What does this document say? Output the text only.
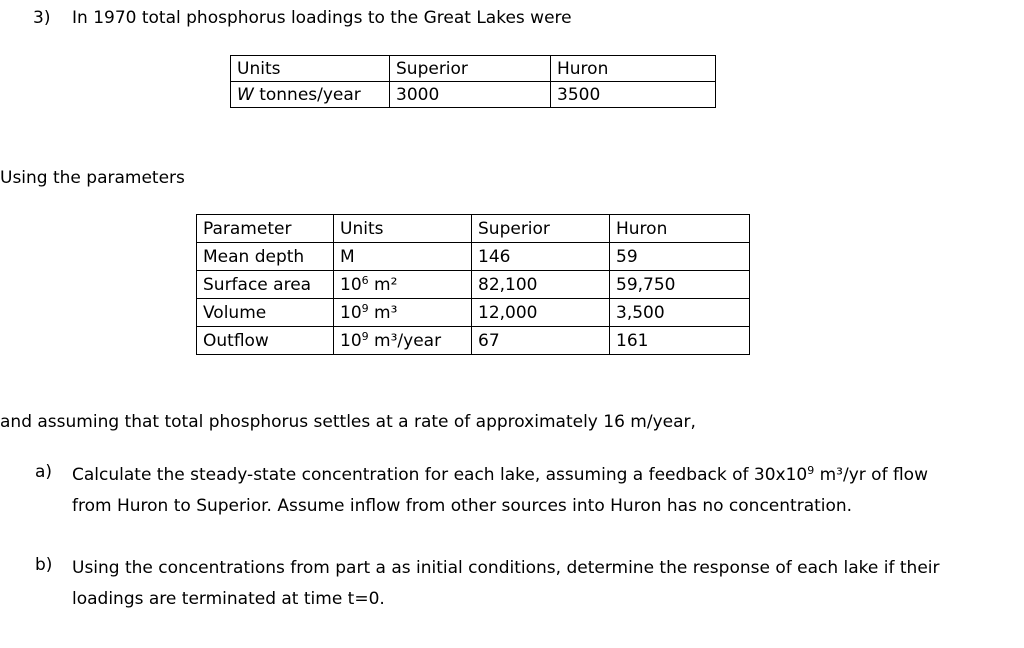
3) In 1970 total phosphorus loadings to the Great Lakes were
Units	Superior	Huron
W tonnes/year	3000	3500
Using the parameters
Parameter	Units	Superior	Huron
Mean depth	M	146	59
Surface area	$10^6$ m²	82,100	59,750
Volume	$10^9$ m³	12,000	3,500
Outflow	$10^9$ m³/year	67	161
and assuming that total phosphorus settles at a rate of approximately 16 m/year,
a) Calculate the steady-state concentration for each lake, assuming a feedback of $30x10^9$ m³/yr of flow from Huron to Superior. Assume inflow from other sources into Huron has no concentration.
b) Using the concentrations from part a as initial conditions, determine the response of each lake if their loadings are terminated at time t=0.
